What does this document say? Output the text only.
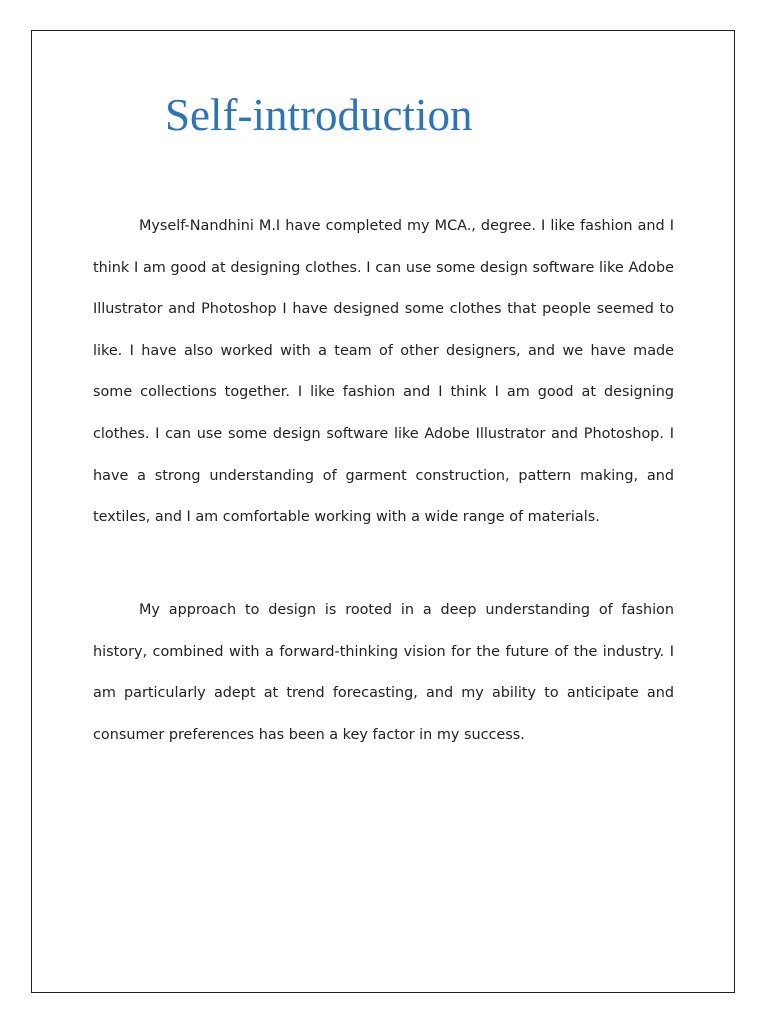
Self-introduction

Myself-Nandhini M.I have completed my MCA., degree. I like fashion and I think I am good at designing clothes. I can use some design software like Adobe Illustrator and Photoshop I have designed some clothes that people seemed to like. I have also worked with a team of other designers, and we have made some collections together. I like fashion and I think I am good at designing clothes. I can use some design software like Adobe Illustrator and Photoshop. I have a strong understanding of garment construction, pattern making, and textiles, and I am comfortable working with a wide range of materials.

My approach to design is rooted in a deep understanding of fashion history, combined with a forward-thinking vision for the future of the industry. I am particularly adept at trend forecasting, and my ability to anticipate and consumer preferences has been a key factor in my success.
